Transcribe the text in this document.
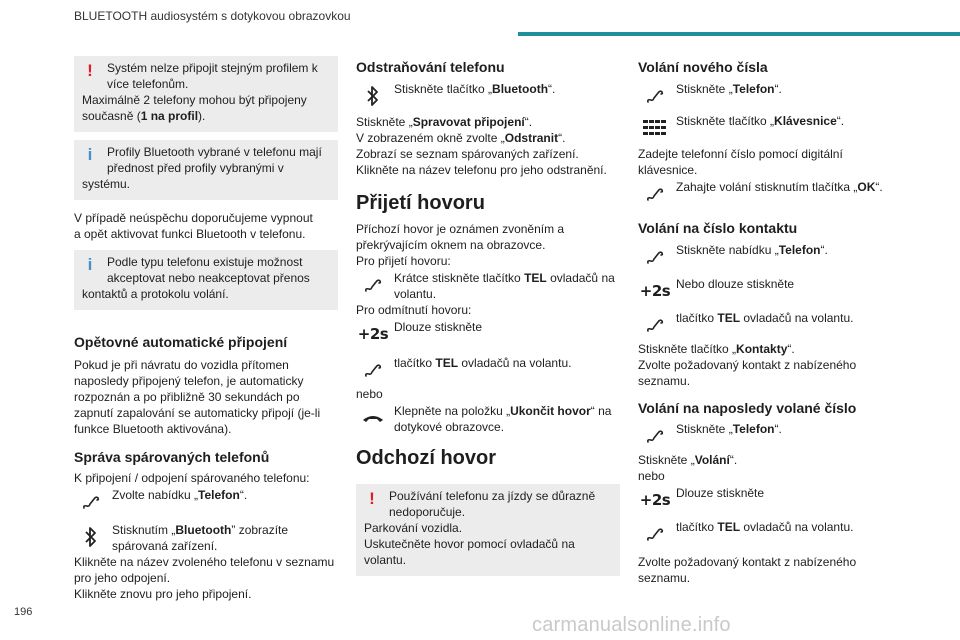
BLUETOOTH audiosystém s dotykovou obrazovkou
!	Systém nelze připojit stejným profilem k

více telefonům.

Maximálně 2 telefony mohou být připojeny

současně (1 na profil).

i	Profily Bluetooth vybrané v telefonu mají

přednost před profily vybranými v

systému.

V případě neúspěchu doporučujeme vypnout

a opět aktivovat funkci Bluetooth v telefonu.

i	Podle typu telefonu existuje možnost

akceptovat nebo neakceptovat přenos

kontaktů a protokolu volání.

Opětovné automatické připojení

Pokud je při návratu do vozidla přítomen

naposledy připojený telefon, je automaticky

rozpoznán a po přibližně 30 sekundách po

zapnutí zapalování se automaticky připojí (je-li

funkce Bluetooth aktivována).

Správa spárovaných telefonů

K připojení / odpojení spárovaného telefonu:

Zvolte nabídku „Telefon“.
Stisknutím „Bluetooth” zobrazíte
spárovaná zařízení.

Klikněte na název zvoleného telefonu v seznamu

pro jeho odpojení.

Klikněte znovu pro jeho připojení.

Odstraňování telefonu
Stiskněte tlačítko „Bluetooth“.

Stiskněte „Spravovat připojení“.

V zobrazeném okně zvolte „Odstranit“.

Zobrazí se seznam spárovaných zařízení.

Klikněte na název telefonu pro jeho odstranění.

Přijetí hovoru

Příchozí hovor je oznámen zvoněním a

překrývajícím oknem na obrazovce.

Pro přijetí hovoru:

Krátce stiskněte tlačítko TEL ovladačů na
volantu.

Pro odmítnutí hovoru:

+2s Dlouze stiskněte
tlačítko TEL ovladačů na volantu.

nebo

Klepněte na položku „Ukončit hovor“ na
dotykové obrazovce.
Odchozí hovor
!	Používání telefonu za jízdy se důrazně

nedoporučuje.

Parkování vozidla.

Uskutečněte hovor pomocí ovladačů na

volantu.

Volání nového čísla
Stiskněte „Telefon“.
Stiskněte tlačítko „Klávesnice“.

Zadejte telefonní číslo pomocí digitální

klávesnice.

Zahajte volání stisknutím tlačítka „OK“.
Volání na číslo kontaktu
Stiskněte nabídku „Telefon“.
+2s Nebo dlouze stiskněte
tlačítko TEL ovladačů na volantu.

Stiskněte tlačítko „Kontakty“.

Zvolte požadovaný kontakt z nabízeného

seznamu.

Volání na naposledy volané číslo
Stiskněte „Telefon“.

Stiskněte „Volání“.

nebo

+2s Dlouze stiskněte
tlačítko TEL ovladačů na volantu.

Zvolte požadovaný kontakt z nabízeného

seznamu.

196
carmanualsonline.info
